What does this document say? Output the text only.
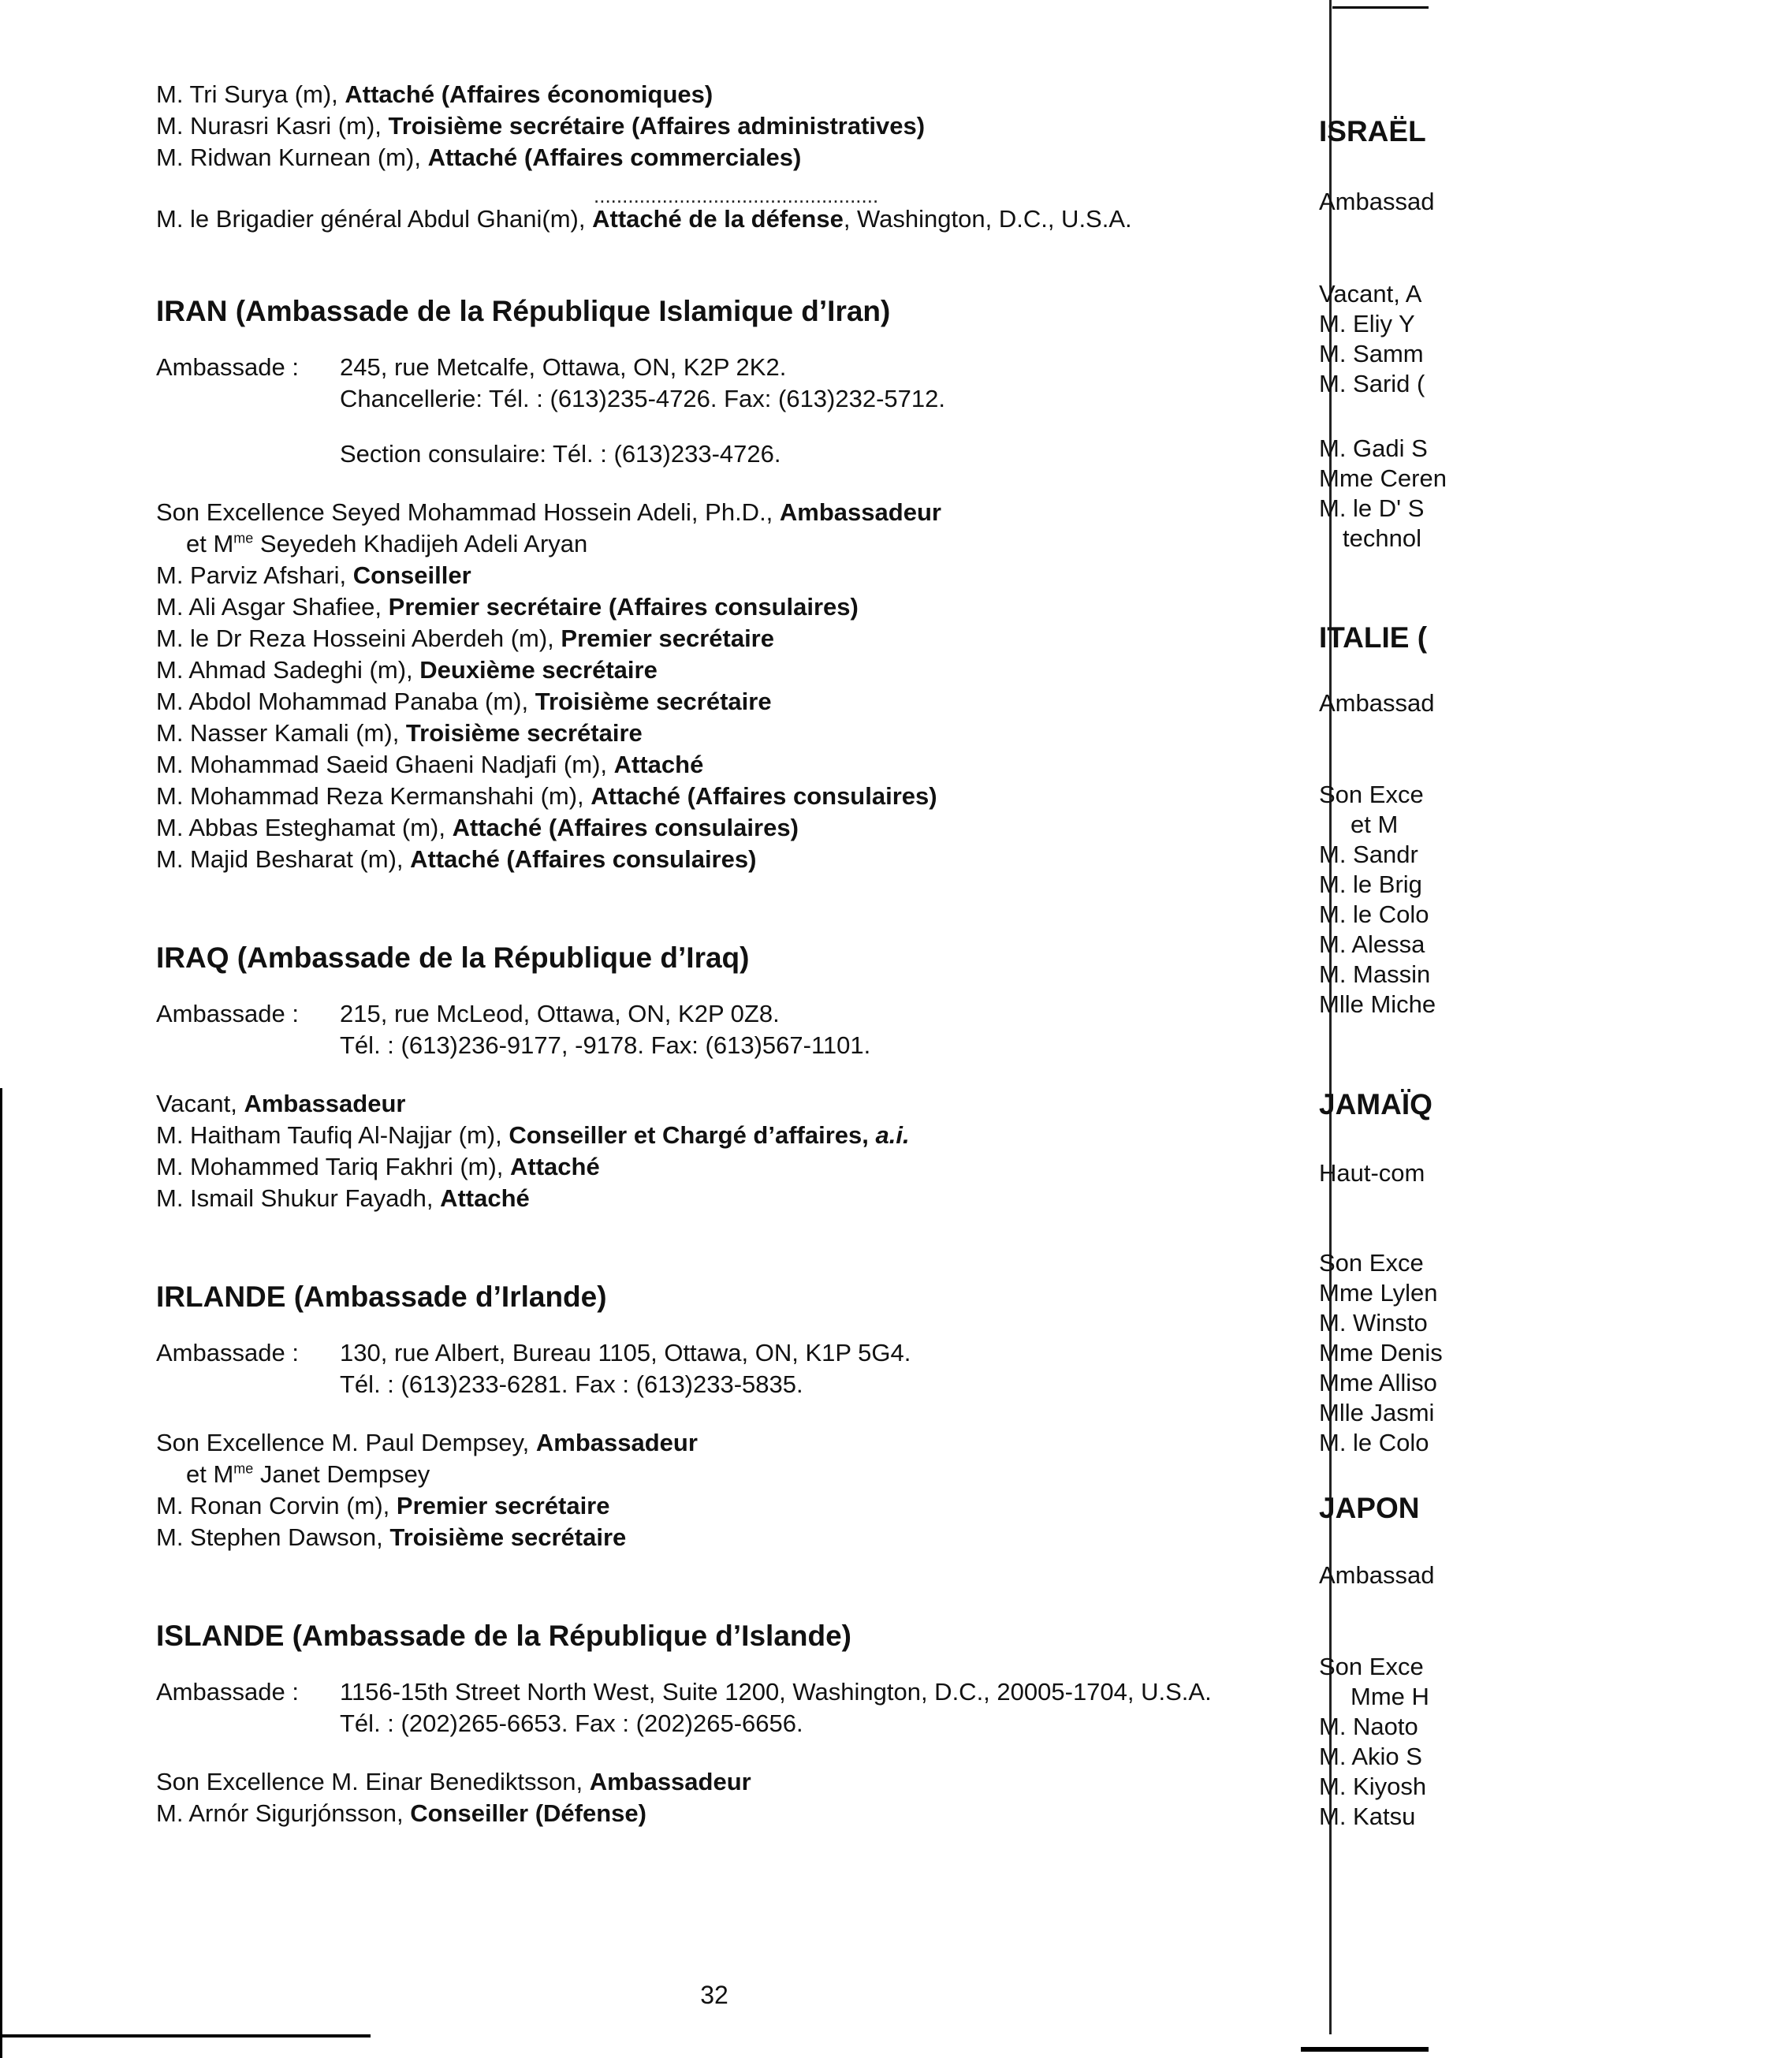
M. Tri Surya (m), Attaché (Affaires économiques)
M. Nurasri Kasri (m), Troisième secrétaire (Affaires administratives)
M. Ridwan Kurnean (m), Attaché (Affaires commerciales)
..................................................
M. le Brigadier général Abdul Ghani(m), Attaché de la défense, Washington, D.C., U.S.A.
IRAN (Ambassade de la République Islamique d’Iran)
Ambassade :	245, rue Metcalfe, Ottawa, ON, K2P 2K2.
Chancellerie: Tél. : (613)235-4726. Fax: (613)232-5712.
Section consulaire: Tél. : (613)233-4726.
Son Excellence Seyed Mohammad Hossein Adeli, Ph.D., Ambassadeur
et $M^{me}$ Seyedeh Khadijeh Adeli Aryan
M. Parviz Afshari, Conseiller
M. Ali Asgar Shafiee, Premier secrétaire (Affaires consulaires)
M. le Dr Reza Hosseini Aberdeh (m), Premier secrétaire
M. Ahmad Sadeghi (m), Deuxième secrétaire
M. Abdol Mohammad Panaba (m), Troisième secrétaire
M. Nasser Kamali (m), Troisième secrétaire
M. Mohammad Saeid Ghaeni Nadjafi (m), Attaché
M. Mohammad Reza Kermanshahi (m), Attaché (Affaires consulaires)
M. Abbas Esteghamat (m), Attaché (Affaires consulaires)
M. Majid Besharat (m), Attaché (Affaires consulaires)
IRAQ (Ambassade de la République d’Iraq)
Ambassade :	215, rue McLeod, Ottawa, ON, K2P 0Z8.
Tél. : (613)236-9177, -9178. Fax: (613)567-1101.
Vacant, Ambassadeur
M. Haitham Taufiq Al-Najjar (m), Conseiller et Chargé d’affaires, a.i.
M. Mohammed Tariq Fakhri (m), Attaché
M. Ismail Shukur Fayadh, Attaché
IRLANDE (Ambassade d’Irlande)
Ambassade :	130, rue Albert, Bureau 1105, Ottawa, ON, K1P 5G4.
Tél. : (613)233-6281. Fax : (613)233-5835.
Son Excellence M. Paul Dempsey, Ambassadeur
et $M^{me}$ Janet Dempsey
M. Ronan Corvin (m), Premier secrétaire
M. Stephen Dawson, Troisième secrétaire
ISLANDE (Ambassade de la République d’Islande)
Ambassade :	1156-15th Street North West, Suite 1200, Washington, D.C., 20005-1704, U.S.A.
Tél. : (202)265-6653. Fax : (202)265-6656.
Son Excellence M. Einar Benediktsson, Ambassadeur
M. Arnór Sigurjónsson, Conseiller (Défense)
32
ISRAËL
Ambassad
Vacant, A
M. Eliy Y
M. Samm
M. Sarid (
M. Gadi S
Mme Ceren
M. le D' S
technol
ITALIE (
Ambassad
Son Exce
et M
M. Sandr
M. le Brig
M. le Colo
M. Alessa
M. Massin
Mlle Miche
JAMAÏQ
Haut-com
Son Exce
Mme Lylen
M. Winsto
Mme Denis
Mme Alliso
Mlle Jasmi
M. le Colo
JAPON
Ambassad
Son Exce
Mme H
M. Naoto
M. Akio S
M. Kiyosh
M. Katsu
